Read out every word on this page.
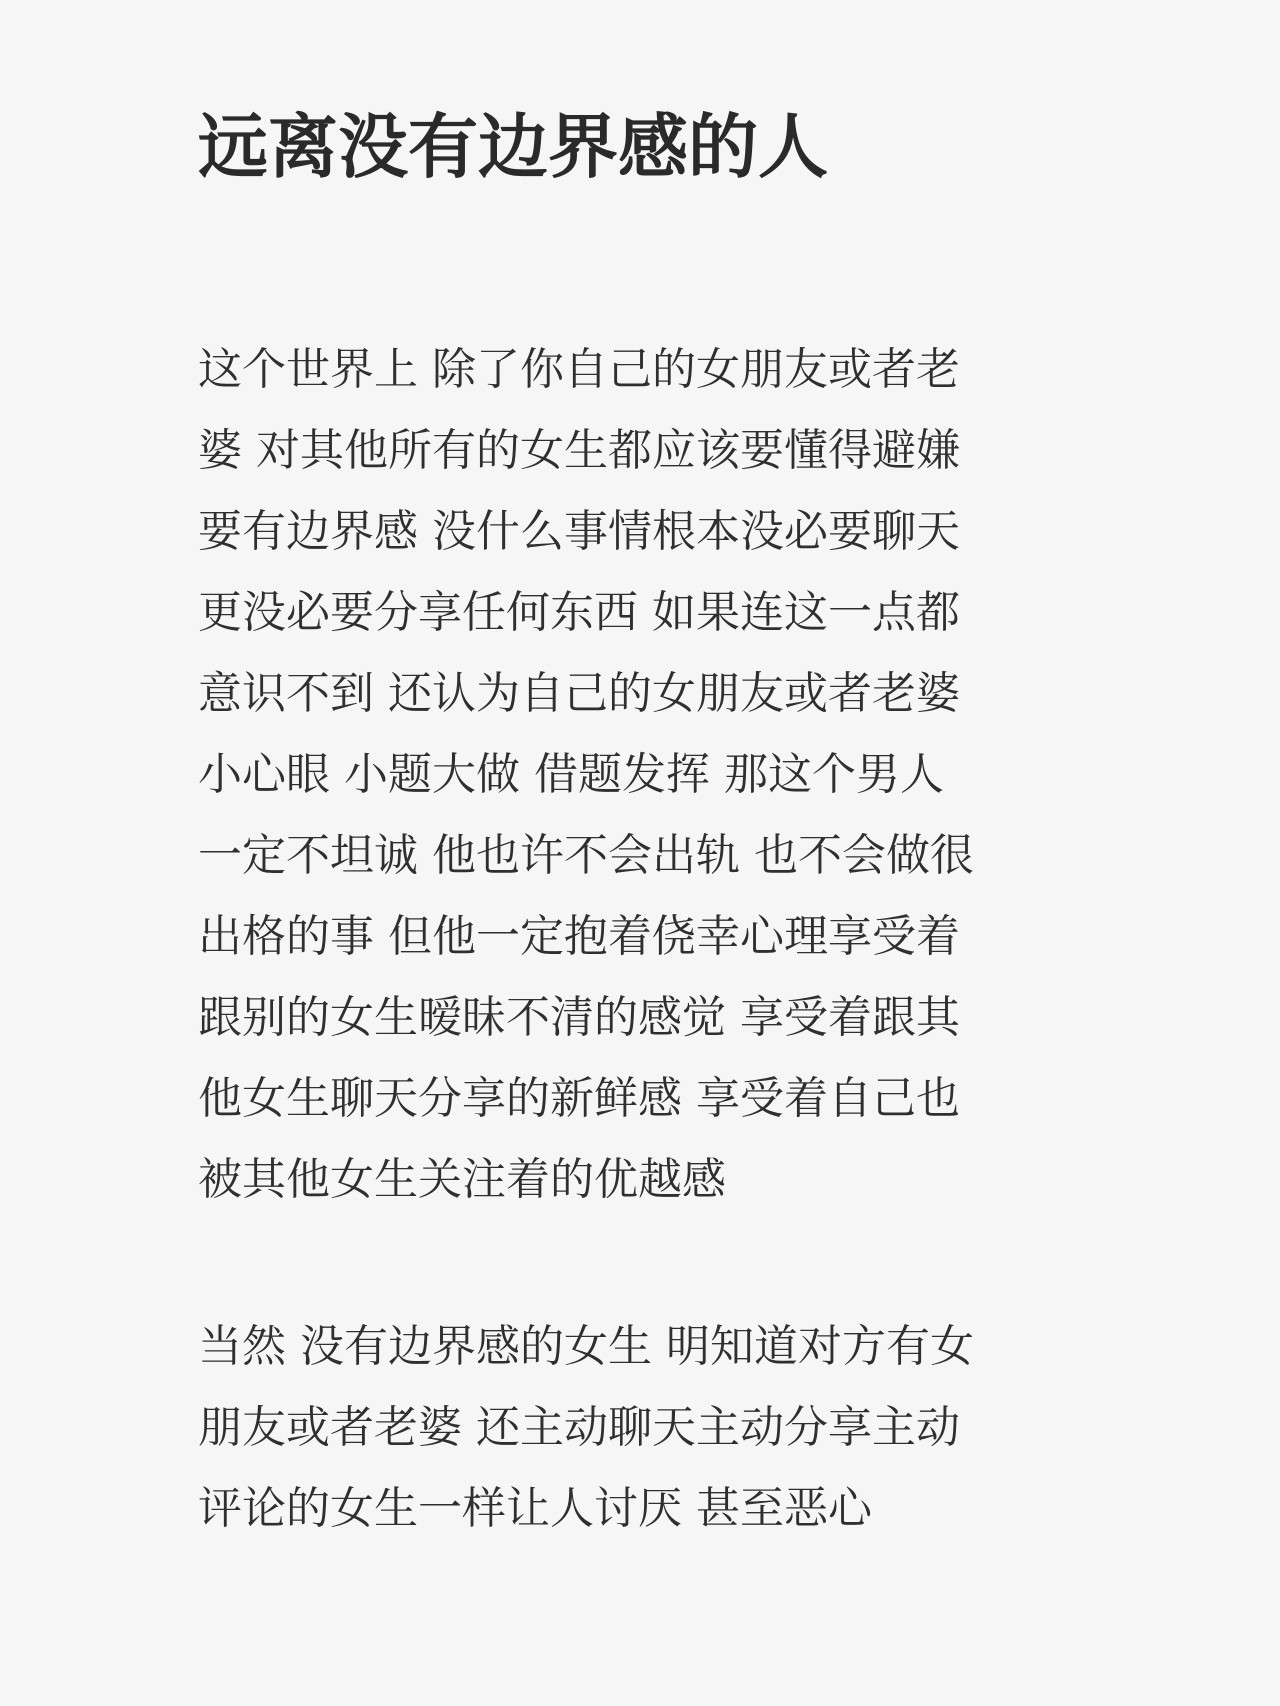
远离没有边界感的人

这个世界上 除了你自己的女朋友或者老
婆 对其他所有的女生都应该要懂得避嫌
要有边界感 没什么事情根本没必要聊天
更没必要分享任何东西 如果连这一点都
意识不到 还认为自己的女朋友或者老婆
小心眼 小题大做 借题发挥 那这个男人
一定不坦诚 他也许不会出轨 也不会做很
出格的事 但他一定抱着侥幸心理享受着
跟别的女生暧昧不清的感觉 享受着跟其
他女生聊天分享的新鲜感 享受着自己也
被其他女生关注着的优越感

当然 没有边界感的女生 明知道对方有女
朋友或者老婆 还主动聊天主动分享主动
评论的女生一样让人讨厌 甚至恶心
